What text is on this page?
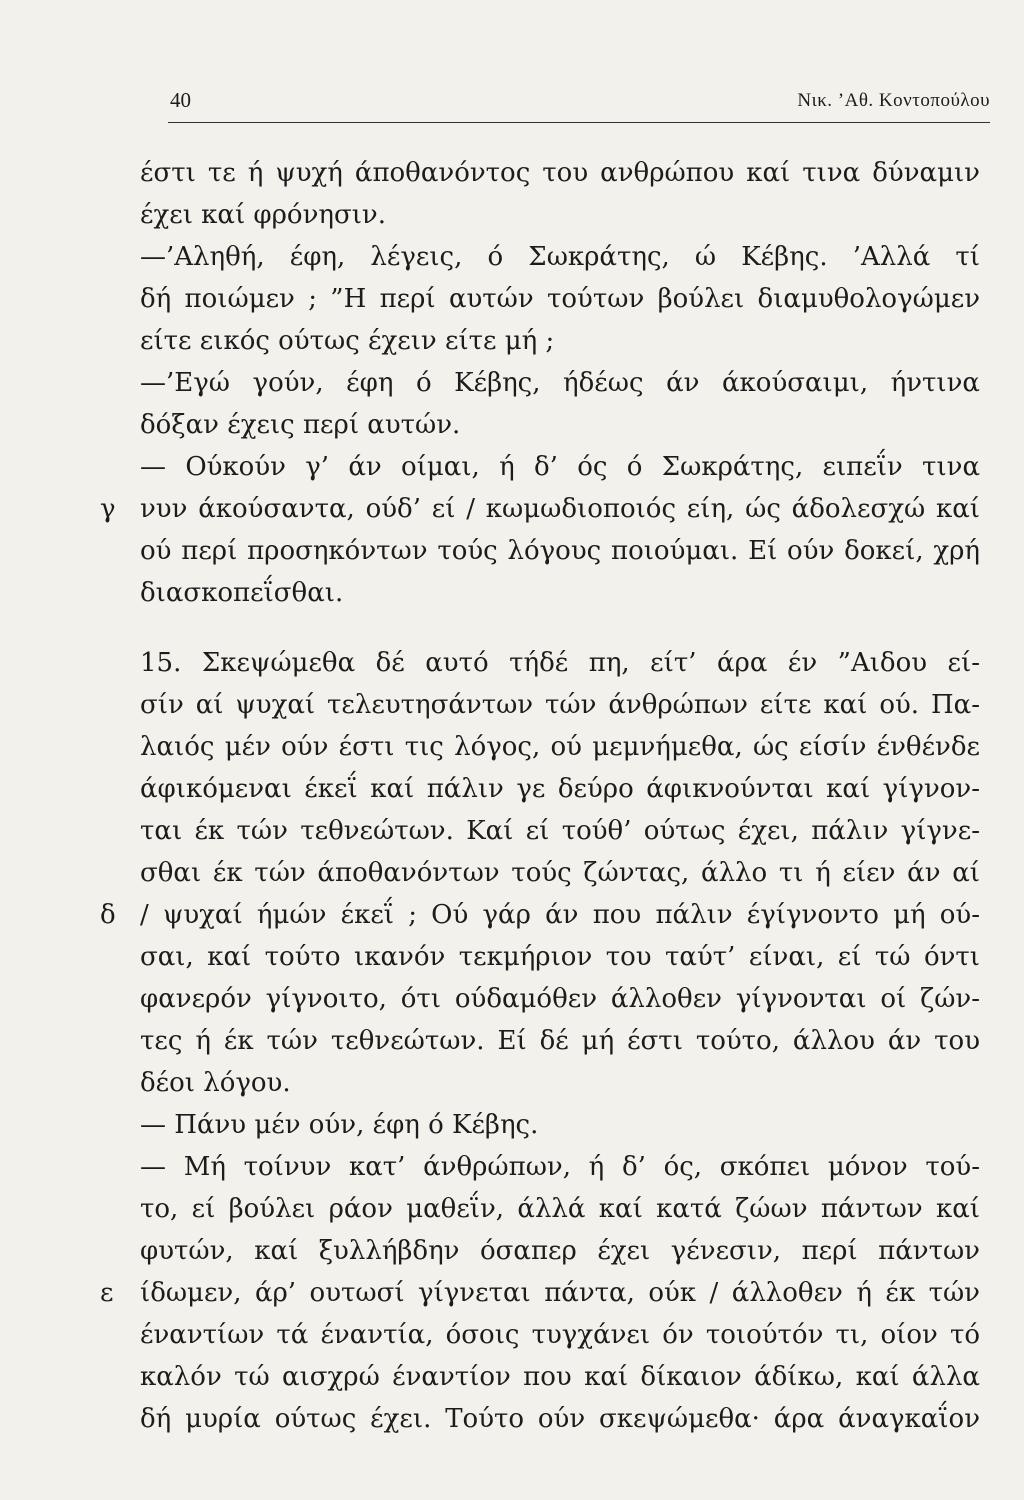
40	Νικ. ’Αθ. Κοντοπούλου
έστι τε ή ψυχή άποθανόντος του ανθρώπου καί τινα δύναμιν
έχει καί φρόνησιν.
—’Αληθή, έφη, λέγεις, ό Σωκράτης, ώ Κέβης. ’Αλλά τί
δή ποιώμεν ; ”Η περί αυτών τούτων βούλει διαμυθολογώμεν
είτε εικός ούτως έχειν είτε μή ;
—’Εγώ γούν, έφη ό Κέβης, ήδέως άν άκούσαιμι, ήντινα
δόξαν έχεις περί αυτών.
— Ούκούν γ’ άν οίμαι, ή δ’ ός ό Σωκράτης, ειπεΐν τινα
γ νυν άκούσαντα, ούδ’ εί / κωμωδιοποιός είη, ώς άδολεσχώ καί
ού περί προσηκόντων τούς λόγους ποιούμαι. Εί ούν δοκεί, χρή
διασκοπεΐσθαι.
15. Σκεψώμεθα δέ αυτό τήδέ πη, είτ’ άρα έν ”Αιδου εί-
σίν αί ψυχαί τελευτησάντων τών άνθρώπων είτε καί ού. Πα-
λαιός μέν ούν έστι τις λόγος, ού μεμνήμεθα, ώς είσίν ένθένδε
άφικόμεναι έκεΐ καί πάλιν γε δεύρο άφικνούνται καί γίγνον-
ται έκ τών τεθνεώτων. Καί εί τούθ’ ούτως έχει, πάλιν γίγνε-
σθαι έκ τών άποθανόντων τούς ζώντας, άλλο τι ή είεν άν αί
δ / ψυχαί ήμών έκεΐ ; Ού γάρ άν που πάλιν έγίγνοντο μή ού-
σαι, καί τούτο ικανόν τεκμήριον του ταύτ’ είναι, εί τώ όντι
φανερόν γίγνοιτο, ότι ούδαμόθεν άλλοθεν γίγνονται οί ζών-
τες ή έκ τών τεθνεώτων. Εί δέ μή έστι τούτο, άλλου άν του
δέοι λόγου.
— Πάνυ μέν ούν, έφη ό Κέβης.
— Μή τοίνυν κατ’ άνθρώπων, ή δ’ ός, σκόπει μόνον τού-
το, εί βούλει ράον μαθεΐν, άλλά καί κατά ζώων πάντων καί
φυτών, καί ξυλλήβδην όσαπερ έχει γένεσιν, περί πάντων
ε ίδωμεν, άρ’ ουτωσί γίγνεται πάντα, ούκ / άλλοθεν ή έκ τών
έναντίων τά έναντία, όσοις τυγχάνει όν τοιούτόν τι, οίον τό
καλόν τώ αισχρώ έναντίον που καί δίκαιον άδίκω, καί άλλα
δή μυρία ούτως έχει. Τούτο ούν σκεψώμεθα· άρα άναγκαΐον
